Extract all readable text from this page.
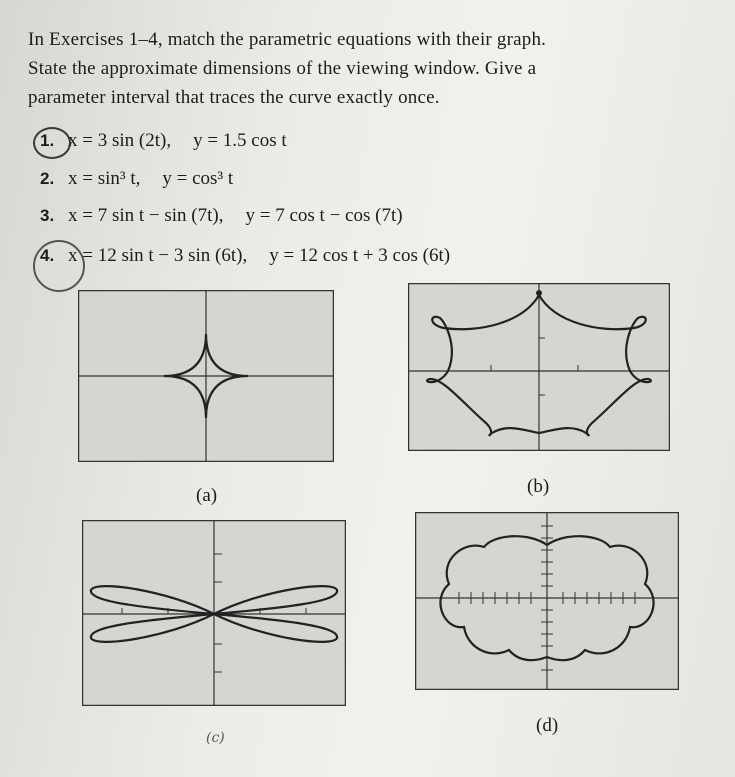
In Exercises 1–4, match the parametric equations with their graph.
State the approximate dimensions of the viewing window. Give a
parameter interval that traces the curve exactly once.
1. x = 3 sin (2t), y = 1.5 cos t
2. x = sin³ t, y = cos³ t
3. x = 7 sin t − sin (7t), y = 7 cos t − cos (7t)
4. x = 12 sin t − 3 sin (6t), y = 12 cos t + 3 cos (6t)
(a)	(b)
(d)
(c)
